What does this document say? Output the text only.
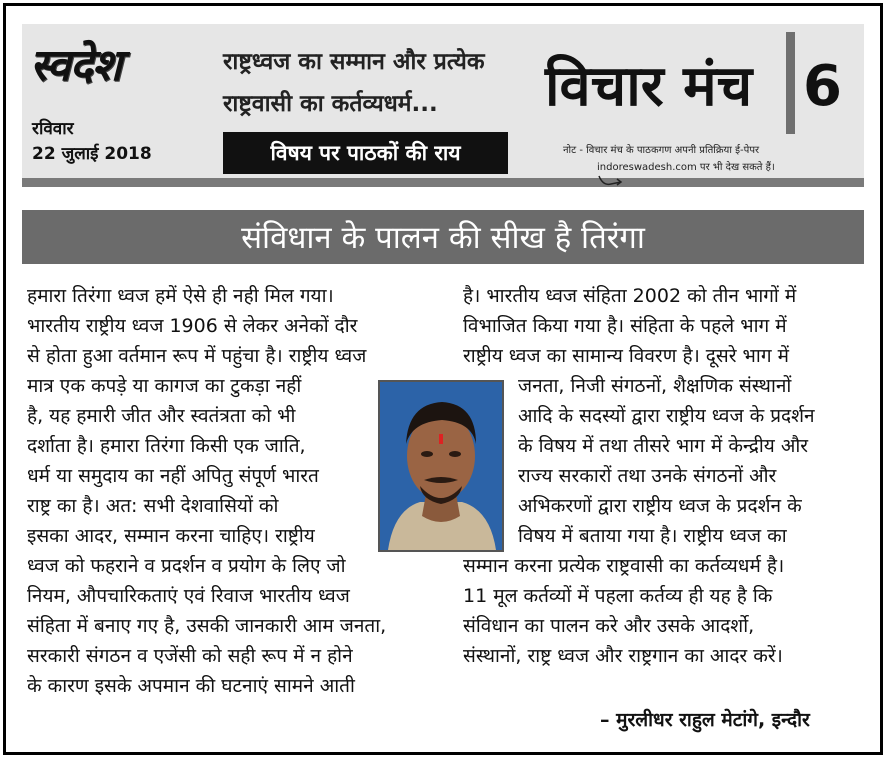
स्वदेश
रविवार
22 जुलाई 2018
राष्ट्रध्वज का सम्मान और प्रत्येक
राष्ट्रवासी का कर्तव्यधर्म...
विषय पर पाठकों की राय
विचार मंच 6
नोट - विचार मंच के पाठकगण अपनी प्रतिक्रिया ई-पेपर
indoreswadesh.com पर भी देख सकते हैं।
संविधान के पालन की सीख है तिरंगा
हमारा तिरंगा ध्वज हमें ऐसे ही नही मिल गया।
भारतीय राष्ट्रीय ध्वज 1906 से लेकर अनेकों दौर
से होता हुआ वर्तमान रूप में पहुंचा है। राष्ट्रीय ध्वज
मात्र एक कपड़े या कागज का टुकड़ा नहीं
है, यह हमारी जीत और स्वतंत्रता को भी
दर्शाता है। हमारा तिरंगा किसी एक जाति,
धर्म या समुदाय का नहीं अपितु संपूर्ण भारत
राष्ट्र का है। अत: सभी देशवासियों को
इसका आदर, सम्मान करना चाहिए। राष्ट्रीय
ध्वज को फहराने व प्रदर्शन व प्रयोग के लिए जो
नियम, औपचारिकताएं एवं रिवाज भारतीय ध्वज
संहिता में बनाए गए है, उसकी जानकारी आम जनता,
सरकारी संगठन व एजेंसी को सही रूप में न होने
के कारण इसके अपमान की घटनाएं सामने आती
है। भारतीय ध्वज संहिता 2002 को तीन भागों में
विभाजित किया गया है। संहिता के पहले भाग में
राष्ट्रीय ध्वज का सामान्य विवरण है। दूसरे भाग में
जनता, निजी संगठनों, शैक्षणिक संस्थानों
आदि के सदस्यों द्वारा राष्ट्रीय ध्वज के प्रदर्शन
के विषय में तथा तीसरे भाग में केन्द्रीय और
राज्य सरकारों तथा उनके संगठनों और
अभिकरणों द्वारा राष्ट्रीय ध्वज के प्रदर्शन के
विषय में बताया गया है। राष्ट्रीय ध्वज का
सम्मान करना प्रत्येक राष्ट्रवासी का कर्तव्यधर्म है।
11 मूल कर्तव्यों में पहला कर्तव्य ही यह है कि
संविधान का पालन करे और उसके आदर्शो,
संस्थानों, राष्ट्र ध्वज और राष्ट्रगान का आदर करें।
– मुरलीधर राहुल मेटांगे, इन्दौर
